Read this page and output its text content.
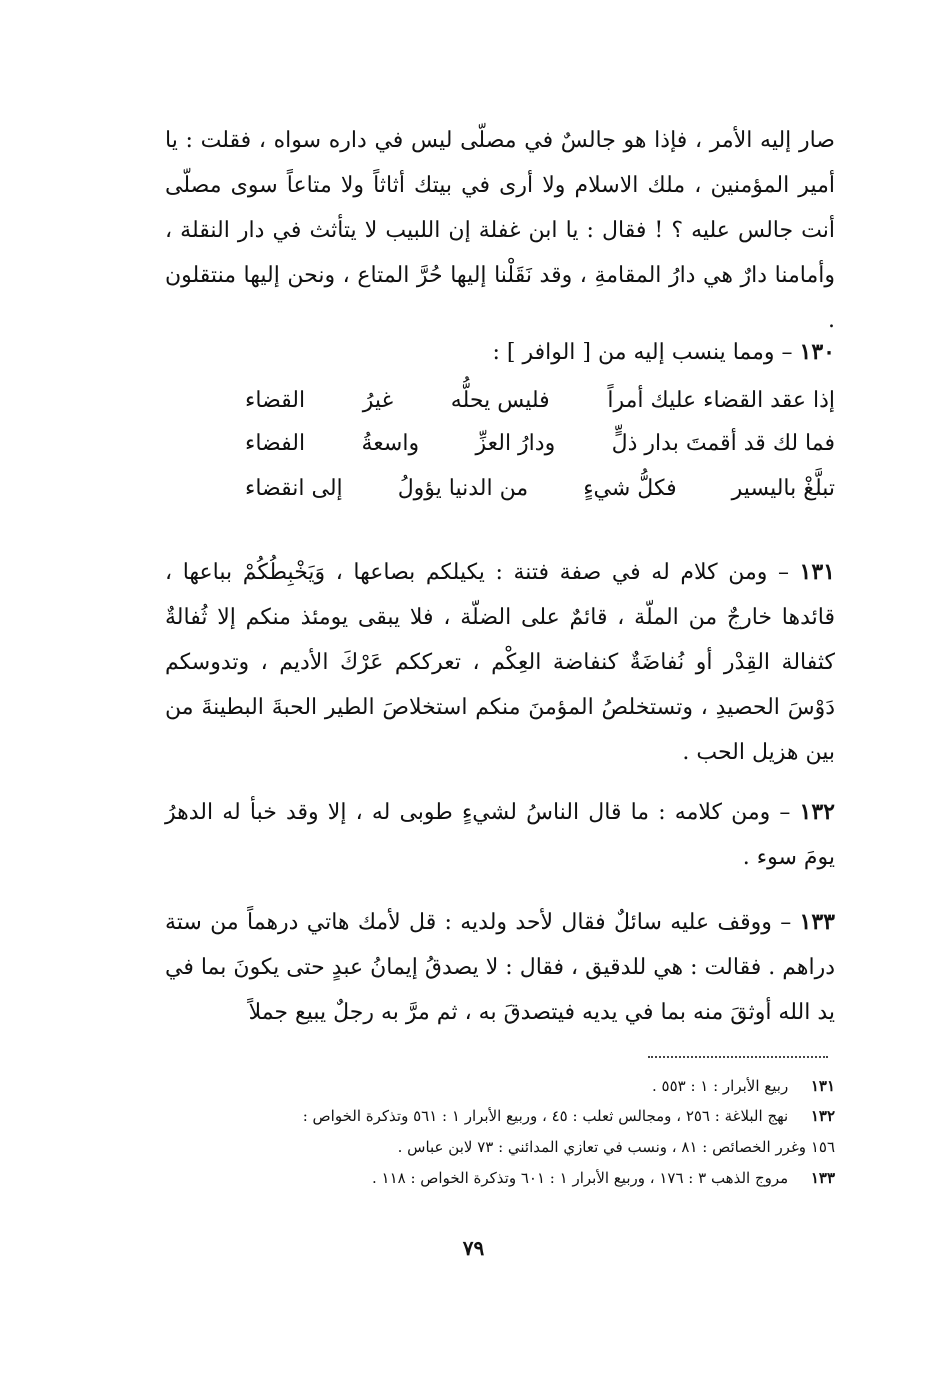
صار إليه الأمر ، فإذا هو جالسٌ في مصلّى ليس في داره سواه ، فقلت : يا أمير المؤمنين ، ملك الاسلام ولا أرى في بيتك أثاثاً ولا متاعاً سوى مصلّى أنت جالس عليه ؟ ! فقال : يا ابن غفلة إن اللبيب لا يتأثث في دار النقلة ، وأمامنا دارٌ هي دارُ المقامةِ ، وقد نَقَلْنا إليها حُرَّ المتاع ، ونحن إليها منتقلون .

١٣٠ – ومما ينسب إليه من [ الوافر ] :

إذا عقد القضاء عليك أمراً
فليس يحلُّه
غيرُ
القضاء
فما لك قد أقمتَ بدار ذلٍّ
ودارُ العزِّ
واسعةُ
الفضاء
تبلَّغْ باليسير
فكلُّ شيءٍ
من الدنيا يؤولُ
إلى انقضاء

١٣١ – ومن كلام له في صفة فتنة : يكيلكم بصاعها ، وَيَخْبِطُكُمْ بباعها ، قائدها خارجٌ من الملّة ، قائمٌ على الضلّة ، فلا يبقى يومئذ منكم إلا ثُفالةٌ كثفالة القِدْر أو نُفاضَةٌ كنفاضة العِكْم ، تعرككم عَرْكَ الأديم ، وتدوسكم دَوْسَ الحصيدِ ، وتستخلصُ المؤمنَ منكم استخلاصَ الطير الحبةَ البطينةَ من بين هزيل الحب .

١٣٢ – ومن كلامه : ما قال الناسُ لشيءٍ طوبى له ، إلا وقد خبأ له الدهرُ يومَ سوء .

١٣٣ – ووقف عليه سائلٌ فقال لأحد ولديه : قل لأمك هاتي درهماً من ستة دراهم . فقالت : هي للدقيق ، فقال : لا يصدقُ إيمانُ عبدٍ حتى يكونَ بما في يد الله أوثقَ منه بما في يديه فيتصدقَ به ، ثم مرَّ به رجلٌ يبيع جملاً

١٣١ ربيع الأبرار : ١ : ٥٥٣ .
١٣٢ نهج البلاغة : ٢٥٦ ، ومجالس ثعلب : ٤٥ ، وربيع الأبرار ١ : ٥٦١ وتذكرة الخواص :
١٥٦ وغرر الخصائص : ٨١ ، ونسب في تعازي المدائني : ٧٣ لابن عباس .
١٣٣ مروج الذهب ٣ : ١٧٦ ، وربيع الأبرار ١ : ٦٠١ وتذكرة الخواص : ١١٨ .
٧٩
